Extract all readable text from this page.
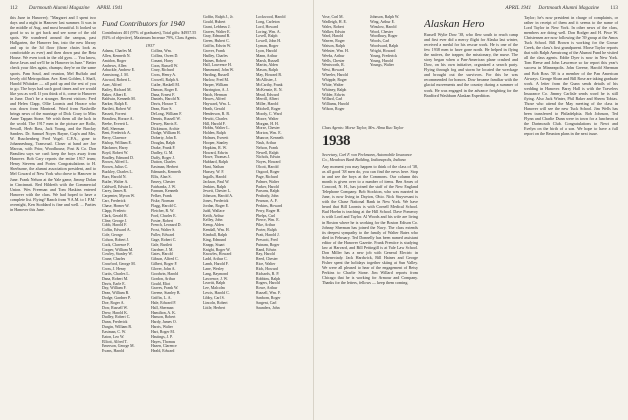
112 Dartmouth Alumni Magazine APRIL 1941

this June in Hanover); "Margaret and I spent two days and a night in Hanover last summer. It was in the middle of Aug. and most beautiful. It looked so good to us to get back and see some of the old spots. We wandered around the campus, past Hallgarten, the Hanover Inn, into the new library and up to the 3d floor (those chairs look as comfortable as ever) and then down past the Beta House. We even took in the old gym. ... You know, those Javas and we'll be in Hanover in June." Better check your files again, chumps; they're on the same sports. Pam Soud, and reunion, Mel Buffalo and lovely old Metropolitan. Ave. Kent Golden, I. Shaff, Harold Whitaker — all paid up and the rest of you to go. The boys had such good times and we would like you as well. If you think of it, come to Hanover in June. Don't be a stranger. Recent visitors: Fred and Helen Clapp, Ollie Loomis and Horace who was down from Montreal. Word from Nashville brings news of the marriage of Dick Crary to Miss Anne Tappan Stone. We wish them all the luck in the world. The 1917 men in the picture are Rollo, Sewall, Herb Bass, Jack Young, and the Barclay Sanders. Dr. Samuel Noyes Bayne, Cap'n and Mrs. W. Ruschenberg Fred Vogel. C.P.A., gone to Johannesburg, Transvaal. Closer at hand are Joe Marcus, with Prior, Woodhouse, Post & Co. Don Beaulieu says we can't keep the boys away from Hanover. Bob Cary reports the entire 1917 team; Henry Stevens and Porter. Congratulations to H. Sherburne, the alumni association president, and to Mel Coward of New York who drove to Hanover in June. Frank Nelson at the Yale game, Jimmy Dolan in Cincinnati. Red Hildreth with the Commercial Union. Wes Freeman and Tom Haskins entered Hanover with the class. We had hoped to have a complete list. Flying? Ranch from '9 A.M. to 1 P.M.' overnight, Ken Stoddard is fine and well. ... Parties in Hanover this June.

Fund Contributors for 1940
Contributors 401 (97% of graduates), Total gifts: $4957.55 (92% of objective), Maximum Increase 79%, Class Agents.
1937
Adams, Charles M.
Allen, Kenneth N.
Amidon, Roger
Andrews, Allen
Arbuckle, Andrew E.
Armstrong, J. M.
Atwood, Robert L.
Auer, Alfred
Bailey, Richard M.
Baker, Albert E.
Baldwin, Kenneth M.
Barker, Ralph E.
Bartlett, Robert W.
Bassett, Forrest
Beaulieu, Horace A.
Beebe, Everett L.
Bell, Sherman
Bent, Frederick A.
Berry, Clarence
Bishop, William E.
Blackmer, Harry
Boyd, Robert W.
Bradley, Edmond D.
Brown, Alfred L.
Brown, Julius C.
Buckley, Charles L.
Burr, Harold N.
Butler, Walter A.
Caldwell, Edwin L.
Carey, James R.
Carpenter, Myron W.
Carr, Frederick
Chase, Homer W.
Clapp, Frederic
Clark, Gerald R.
Cline, George J.
Cobb, Harold F.
Coffin, Edward A.
Cole, George
Colson, Robert J.
Cook, Clarence F.
Cooper, William M.
Cowley, Stanley W.
Crane, Charles
Crawford, George M.
Cross, J. Henry
Curtis, Charles L.
Dana, Robert M.
Davis, Earle E.
Day, William F.
Dean, William B.
Dodge, Gardner P.
Doe, Roger A.
Dorr, Russell W.
Drew, Harold K.
Dudley, Robert C.
Dunn, Frederick
Durgin, William B.
Eastman, C. W.
Eaton, Leo W.
Elliott, Alfred T.
Emerson, George M.
Evans, Harold
Collins, Wm.
Collins, Owen D.
Conant, Harry
Coon, Russell W.
Crary, Richard
Cross, Henry A.
Crowell, Ralph A.
Cutler, Haskell M.
Damon, Roger E.
Dana, Ernest F.
Daniels, Harold N.
Davis, Horace T.
Dean, Burr S.
DeLong, William F.
Dennis, Russell W.
Dewey, Harris E.
Dickinson, Archie
Dodge, William H.
Doherty, John E.
Douglas, Ralph
Drake, Frank F.
Dudley, G. M.
Duffy, Roger J.
Dutton, Charles
Eastman, Herbert
Edmunds, Kenneth
Ellis, Alan S.
Emery, Chester
Fairbanks, J. W.
Farnum, Kenneth
Felker, Frank
Fiske, Norman
Flagg, Harold C.
Fletcher, R. W.
Ford, Charles E.
Foster, Robert
French, Leonard D.
Frost, Walter S.
Fuller, Edward
Gage, Robert C.
Gale, Bartlett
Gardner, J. M.
Gates, Harold
Gibson, Alfred C.
Gilbert, Roger F.
Glover, John A.
Goodwin, Harold
Gordon, Arthur
Gould, Eliot
Graves, Frank W.
Greene, Stanley B.
Griffin, L. A.
Hale, Edward F.
Hall, Sherman
Hamilton, A. K.
Hanson, Robert
Hardy, James O.
Harris, Walter
Hart, Roger M.
Hastings, J. P.
Hayes, Thomas
Hazen, Clarence
Heald, Edward
Goffin, Ralph J., Jr.
Gould, Hubert
Grant, Lebbeus J.
Graves, Walter E.
Gray, Edmund B.
Green, Hubert C.
Griffin, Edwin W.
Grover, Frank
Hadley, Charles
Haines, Robert
Hall, Lawrence H.
Hammond, John W.
Harding, Russell
Harlow, Fred M.
Harper, William
Harrington, A. J.
Hatch, Herman
Hawes, Alfred
Hayward, Wm. L.
Heath, Gerald
Henderson, R. B.
Hewitt, Charles
Hill, Harold F.
Hobbs, Walter L.
Holden, Ralph
Holmes, Everett
Hooper, Stanley
Hopkins, R. W.
Howard, Edwin
Howe, Thomas J.
Hubbard, Ralph
Hunt, Nathan
Hussey, W. F.
Ingalls, Harold
Jackson, Paul W.
Jenkins, Ralph
Jewett, Chester L.
Johnson, Harold A.
Jones, Frederick
Jordan, Roger E.
Judd, Wallace
Keith, Arthur
Kelley, John
Kemp, Alden
Kendall, Wm. H.
Kimball, Ralph
King, Edmund
Knapp, Stuart
Knight, Roger W.
Knowles, Howard
Ladd, Arthur C.
Lamb, Harold F.
Lane, Wesley
Lang, Raymond
Lawrence, J. W.
Leavitt, Ralph
Lee, Malcolm
Lewis, Harold C.
Libby, Carl S.
Lincoln, Robert
Little, Herbert
Lockwood, Harold
Long, Carleton
Lord, Howard
Loring, Wm. A.
Lovell, Ralph
Lowell, John H.
Lyman, Roger
Lyon, Harold
Mann, Arthur
Marsh, Russell
Martin, Alden
Mason, Ralph
May, Howard B.
McAllister, J.
McCarthy, Frank
McKenzie, R. N.
Mead, Edward
Merrill, Albert
Miller, Harold
Mitchell, Roger
Moody, C. Ward
Moore, Walter
Morgan, H. H.
Morse, Chester
Morton, Wm. E.
Munroe, Kenneth
Nash, Arthur
Nelson, Frank
Newell, Ralph
Nichols, Edwin
Noyes, Howard
Olcott, Harold
Osgood, Roger
Page, Richard
Palmer, Walter
Parker, Harold
Parsons, Ralph
Peabody, John
Pearson, A. F.
Perkins, Howard
Perry, Roger H.
Phelps, Carl
Pierce, Wm. E.
Pike, Arthur
Porter, Ralph
Pratt, Harold J.
Prescott, Fred
Putnam, Roger
Rand, Edwin
Ray, Harold
Reed, Chester
Rice, Walter
Rich, Howard
Richards, R. P.
Robbins, Ralph
Rogers, Harold
Rowe, Arthur
Russell, Wm. F.
Sanborn, Roger
Sargent, Carl
Saunders, John
APRIL 1941 Dartmouth Alumni Magazine 113
Vose, Carl M.
Wadleigh, H. E.
Wales, Robert
Walker, Edwin
Ward, Harold
Warren, Roger
Watson, Ralph
Webster, Wm. H.
Weeks, Arthur
Wells, Chester
Wentworth, R.
West, Howard
Wheeler, Harold
Whipple, Roger
White, Walter
Whitney, Ralph
Wilder, Edwin
Willard, Carl
Williams, Harold
Wilson, Roger
Johnson, Ralph W.
Wing, Arthur E.
Winslow, Harold
Wood, Chester
Woodbury, Roger
Woods, Carl
Woodward, Ralph
Wright, Howard
Young, Frederick
Young, Harold
Youngs, Walter
Class Agents: Morse Taylor, Mrs. Alma Ruo Taylor
1938
Secretary, Carl F. von Peckmann, Automobile Insurance Co., Meadows Bank Building, Indianapolis, Indiana

Any moment you may happen to think of the class of '38, as all good '38 men do, you can find the news here. Stop in and see the boys at the Commons. Our column this month is given over to a number of items. Ben Ames of Concord, N. H., has joined the staff of the New England Telephone Company. Bob Stockton, who was married in June, is now living in Dayton, Ohio. Nick Stuyvesant is with the Chase National Bank in New York. We have heard that Bill Loomis is with Cornell Medical School. Bud Hoehn is teaching at the Hill School. Dave Pomeroy is with Lord and Taylor. Al Woods and his wife are living in Boston where he is working for the Boston Edison Co. Johnny Sherman has joined the Navy. The class extends its deepest sympathy to the family of Walter Bates who died in February. Ted Donnelly has been named assistant editor of the Hanover Gazette. Frank Prentice is studying law at Harvard, and Bill Pettingill is at Yale Law School. Don Miller has a new job with General Electric in Schenectady. Jack Hardwick, Bill Haines and George Fisher spent the holidays together skiing at Sun Valley. We were all pleased to hear of the engagement of Betsy Perkins to Charlie Stone. Jim Willard reports from Chicago that he is working for Armour and Company. Thanks for the letters, fellows — keep them coming.

Alaskan Hero

Russell Wylie Dow '38, who flew south to reach camp and first ever did a mercy flight for Alaska last winter, received a medal for his rescue work. He is one of the few 1938 men to have gone north. He helped in flying the natives, the trapper, the missionary, the nurse. The story began when a Pan-American plane crashed and Dow, on his own initiative, organized a search party. Flying through fog and storm he located the wreckage and brought out the survivors. For this he was recommended for honors. Dow became familiar with the glacial movements and the country during a summer of work. He was engaged in the advance freighting for the Bradford Washburn Alaskan Expedition.

Taylor; he's now president in charge of complaints, or rather in receipt of them and it seems to the name of Lord Taylor in New York. In other news of the class, members are doing well. Don Rodger and H. Piwe W. Christensen are now following the '39 group at the Amos Tuck School. Bill Brown is working for the Grosse Creek, the class's first grandparent. Morse Taylor reports that with Ralph Armstrong of the Alumni Fund he visited all the class agents. Eddie Dyer is now in New York. Tom Reese and John Lawrence so far report this year's success in Minneapolis. John Greene, Harold Sherman and Bob Ross '38 is a member of the Pan American Airways. George Sloan and Bill Rose are taking graduate work. A letter from the Gunn sends details of his wedding in Hanover. Barry Hall is with the Travelers Insurance Co. Jimmy Carlisle sends word he is still flying. Also Jack Winter, Phil Baker and Sherm Tobias. Those who attend the May meeting of the class in Hanover will see the new Tuck School. Jim Wells has been transferred to Philadelphia. Bob Johnson, Ted Flynn and Charlie Dunn were in town for a luncheon at the Dartmouth Club. Congratulations to Newt and Evelyn on the birth of a son. We hope to have a full report on the Reunion plans in the next issue.
